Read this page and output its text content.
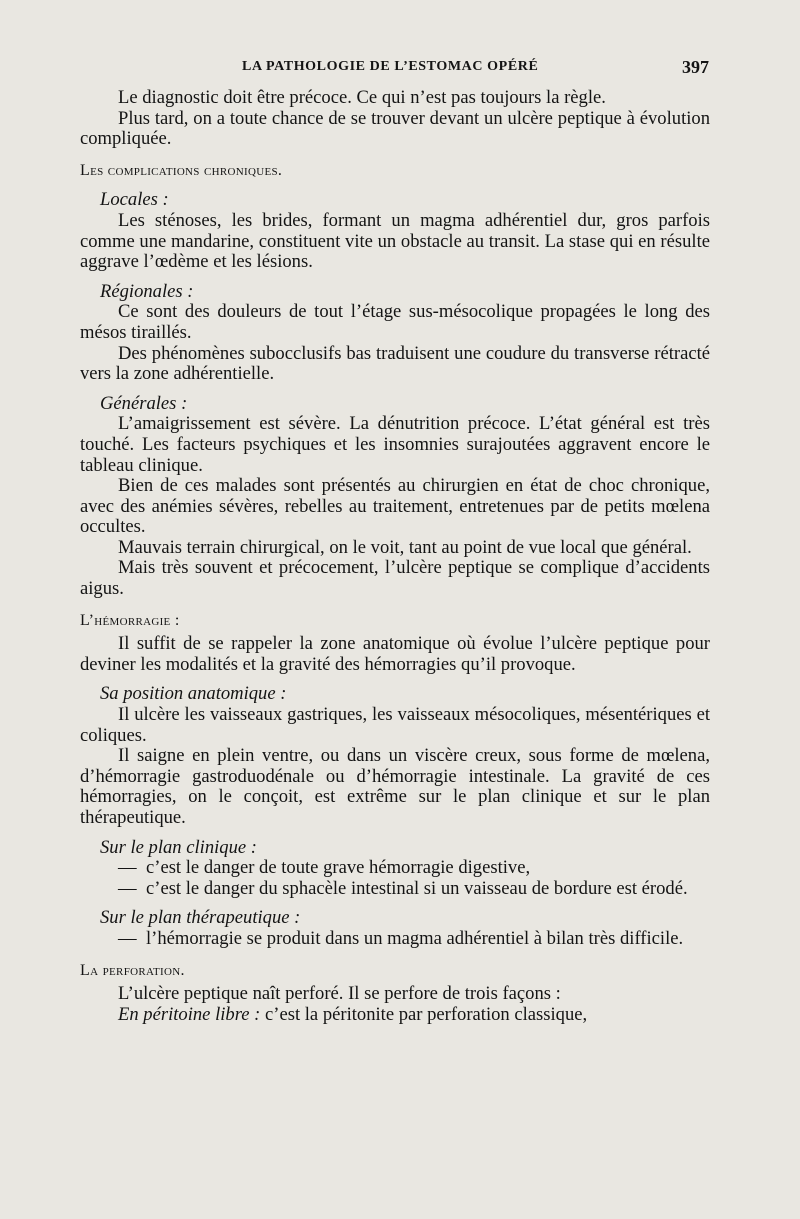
LA PATHOLOGIE DE L’ESTOMAC OPÉRÉ	397

Le diagnostic doit être précoce. Ce qui n’est pas toujours la règle.

Plus tard, on a toute chance de se trouver devant un ulcère peptique à évolution compliquée.

Les complications chroniques.
Locales :

Les sténoses, les brides, formant un magma adhérentiel dur, gros parfois comme une mandarine, constituent vite un obstacle au transit. La stase qui en résulte aggrave l’œdème et les lésions.

Régionales :

Ce sont des douleurs de tout l’étage sus-mésocolique propagées le long des mésos tiraillés.

Des phénomènes subocclusifs bas traduisent une coudure du transverse rétracté vers la zone adhérentielle.

Générales :

L’amaigrissement est sévère. La dénutrition précoce. L’état général est très touché. Les facteurs psychiques et les insomnies surajoutées aggravent encore le tableau clinique.

Bien de ces malades sont présentés au chirurgien en état de choc chronique, avec des anémies sévères, rebelles au traitement, entretenues par de petits mœlena occultes.

Mauvais terrain chirurgical, on le voit, tant au point de vue local que général.

Mais très souvent et précocement, l’ulcère peptique se complique d’accidents aigus.

L’hémorragie :

Il suffit de se rappeler la zone anatomique où évolue l’ulcère peptique pour deviner les modalités et la gravité des hémorragies qu’il provoque.

Sa position anatomique :

Il ulcère les vaisseaux gastriques, les vaisseaux mésocoliques, mésentériques et coliques.

Il saigne en plein ventre, ou dans un viscère creux, sous forme de mœlena, d’hémorragie gastroduodénale ou d’hémorragie intestinale. La gravité de ces hémorragies, on le conçoit, est extrême sur le plan clinique et sur le plan thérapeutique.

Sur le plan clinique :
— c’est le danger de toute grave hémorragie digestive,
— c’est le danger du sphacèle intestinal si un vaisseau de bordure est érodé.
Sur le plan thérapeutique :
— l’hémorragie se produit dans un magma adhérentiel à bilan très difficile.
La perforation.

L’ulcère peptique naît perforé. Il se perfore de trois façons :

En péritoine libre : c’est la péritonite par perforation classique,
